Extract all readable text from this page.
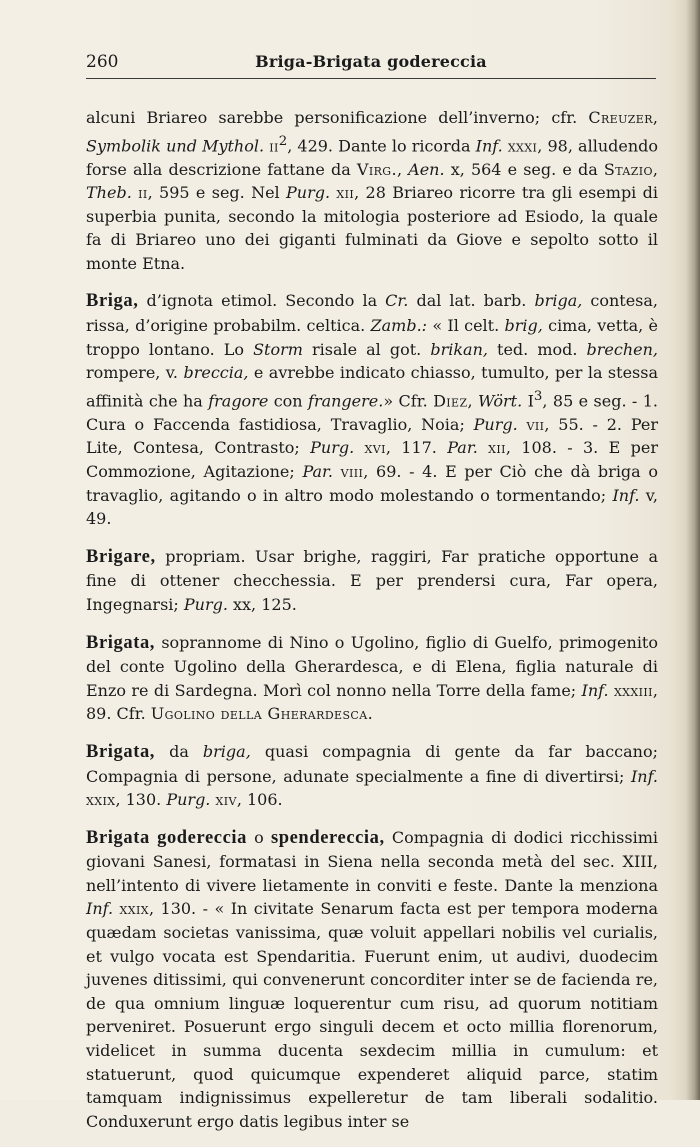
260	Briga-Brigata godereccia

alcuni Briareo sarebbe personificazione dell’inverno; cfr. Creuzer, Symbolik und Mythol. $ii^2$, 429. Dante lo ricorda Inf. xxxi, 98, alludendo forse alla descrizione fattane da Virg., Aen. x, 564 e seg. e da Stazio, Theb. ii, 595 e seg. Nel Purg. xii, 28 Briareo ricorre tra gli esempi di superbia punita, secondo la mitologia posteriore ad Esiodo, la quale fa di Briareo uno dei giganti fulminati da Giove e sepolto sotto il monte Etna.

Briga, d’ignota etimol. Secondo la Cr. dal lat. barb. briga, contesa, rissa, d’origine probabilm. celtica. Zamb.: « Il celt. brig, cima, vetta, è troppo lontano. Lo Storm risale al got. brikan, ted. mod. brechen, rompere, v. breccia, e avrebbe indicato chiasso, tumulto, per la stessa affinità che ha fragore con frangere.» Cfr. Diez, Wört. $I^3$, 85 e seg. - 1. Cura o Faccenda fastidiosa, Travaglio, Noia; Purg. vii, 55. - 2. Per Lite, Contesa, Contrasto; Purg. xvi, 117. Par. xii, 108. - 3. E per Commozione, Agitazione; Par. viii, 69. - 4. E per Ciò che dà briga o travaglio, agitando o in altro modo molestando o tormentando; Inf. v, 49.

Brigare, propriam. Usar brighe, raggiri, Far pratiche opportune a fine di ottener checchessia. E per prendersi cura, Far opera, Ingegnarsi; Purg. xx, 125.

Brigata, soprannome di Nino o Ugolino, figlio di Guelfo, primogenito del conte Ugolino della Gherardesca, e di Elena, figlia naturale di Enzo re di Sardegna. Morì col nonno nella Torre della fame; Inf. xxxiii, 89. Cfr. Ugolino della Gherardesca.

Brigata, da briga, quasi compagnia di gente da far baccano; Compagnia di persone, adunate specialmente a fine di divertirsi; Inf. xxix, 130. Purg. xiv, 106.

Brigata godereccia o spendereccia, Compagnia di dodici ricchissimi giovani Sanesi, formatasi in Siena nella seconda metà del sec. XIII, nell’intento di vivere lietamente in conviti e feste. Dante la menziona Inf. xxix, 130. - « In civitate Senarum facta est per tempora moderna quædam societas vanissima, quæ voluit appellari nobilis vel curialis, et vulgo vocata est Spendaritia. Fuerunt enim, ut audivi, duodecim juvenes ditissimi, qui convenerunt concorditer inter se de facienda re, de qua omnium linguæ loquerentur cum risu, ad quorum notitiam perveniret. Posuerunt ergo singuli decem et octo millia florenorum, videlicet in summa ducenta sexdecim millia in cumulum: et statuerunt, quod quicumque expenderet aliquid parce, statim tamquam indignissimus expelleretur de tam liberali sodalitio. Conduxerunt ergo datis legibus inter se
